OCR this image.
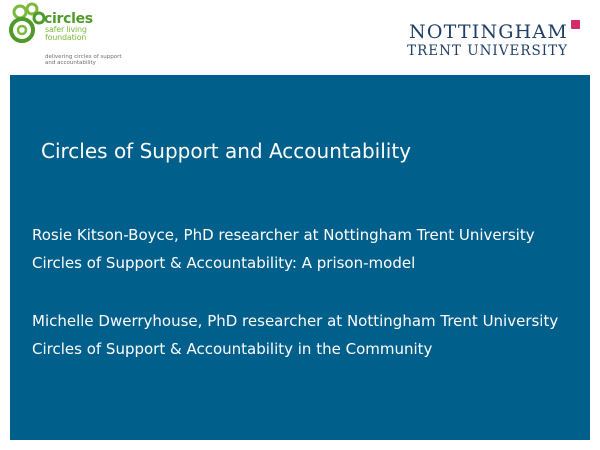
circles
safer living
foundation
delivering circles of support
and accountability
NOTTINGHAM
TRENT UNIVERSITY
Circles of Support and Accountability
Rosie Kitson-Boyce, PhD researcher at Nottingham Trent University
Circles of Support & Accountability: A prison-model
Michelle Dwerryhouse, PhD researcher at Nottingham Trent University
Circles of Support & Accountability in the Community
